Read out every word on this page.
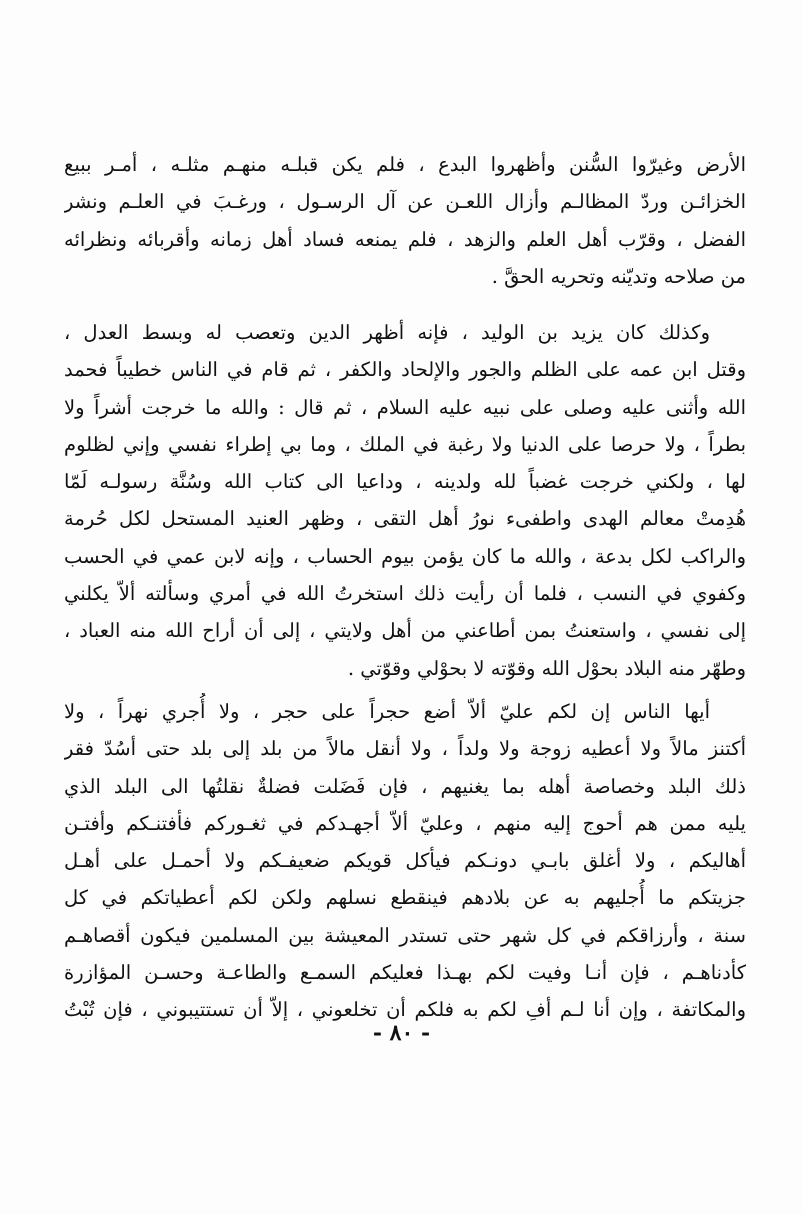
الأرض وغيرّوا السُّنن وأظهروا البدع ، فلم يكن قبلـه منهـم مثلـه ، أمـر ببيع
الخزائـن وردّ المظالـم وأزال اللعـن عن آل الرسـول ، ورغـبَ في العلـم ونشر
الفضل ، وقرّب أهل العلم والزهد ، فلم يمنعه فساد أهل زمانه وأقربائه ونظرائه
من صلاحه وتديّنه وتحريه الحقَّ .
وكذلك كان يزيد بن الوليد ، فإنه أظهر الدين وتعصب له وبسط العدل ،
وقتل ابن عمه على الظلم والجور والإلحاد والكفر ، ثم قام في الناس خطيباً فحمد
الله وأثنى عليه وصلى على نبيه عليه السلام ، ثم قال : والله ما خرجت أشراً ولا
بطراً ، ولا حرصا على الدنيا ولا رغبة في الملك ، وما بي إطراء نفسي وإني لظلوم
لها ، ولكني خرجت غضباً لله ولدينه ، وداعيا الى كتاب الله وسُنَّة رسولـه لَمّا
هُدِمتْ معالم الهدى واطفىء نورُ أهل التقى ، وظهر العنيد المستحل لكل حُرمة
والراكب لكل بدعة ، والله ما كان يؤمن بيوم الحساب ، وإنه لابن عمي في الحسب
وكفوي في النسب ، فلما أن رأيت ذلك استخرتُ الله في أمري وسألته ألاّ يكلني
إلى نفسي ، واستعنتُ بمن أطاعني من أهل ولايتي ، إلى أن أراح الله منه العباد ،
وطهّر منه البلاد بحوْل الله وقوّته لا بحوْلي وقوّتي .
أيها الناس إن لكم عليّ ألاّ أضع حجراً على حجر ، ولا أُجري نهراً ، ولا
أكتنز مالاً ولا أعطيه زوجة ولا ولداً ، ولا أنقل مالاً من بلد إلى بلد حتى أسُدّ فقر
ذلك البلد وخصاصة أهله بما يغنيهم ، فإن فَضَلت فضلةٌ نقلتُها الى البلد الذي
يليه ممن هم أحوج إليه منهم ، وعليّ ألاّ أجهـدكم في ثغـوركم فأفتنـكم وأفتـن
أهاليكم ، ولا أغلق بابـي دونـكم فيأكل قويكم ضعيفـكم ولا أحمـل على أهـل
جزيتكم ما أُجليهم به عن بلادهم فينقطع نسلهم ولكن لكم أعطياتكم في كل
سنة ، وأرزاقكم في كل شهر حتى تستدر المعيشة بين المسلمين فيكون أقصاهـم
كأدناهـم ، فإن أنـا وفيت لكم بهـذا فعليكم السمـع والطاعـة وحسـن المؤازرة
والمكاتفة ، وإن أنا لـم أفِ لكم به فلكم أن تخلعوني ، إلاّ أن تستتيبوني ، فإن تُبْتُ
- ٨٠ -
